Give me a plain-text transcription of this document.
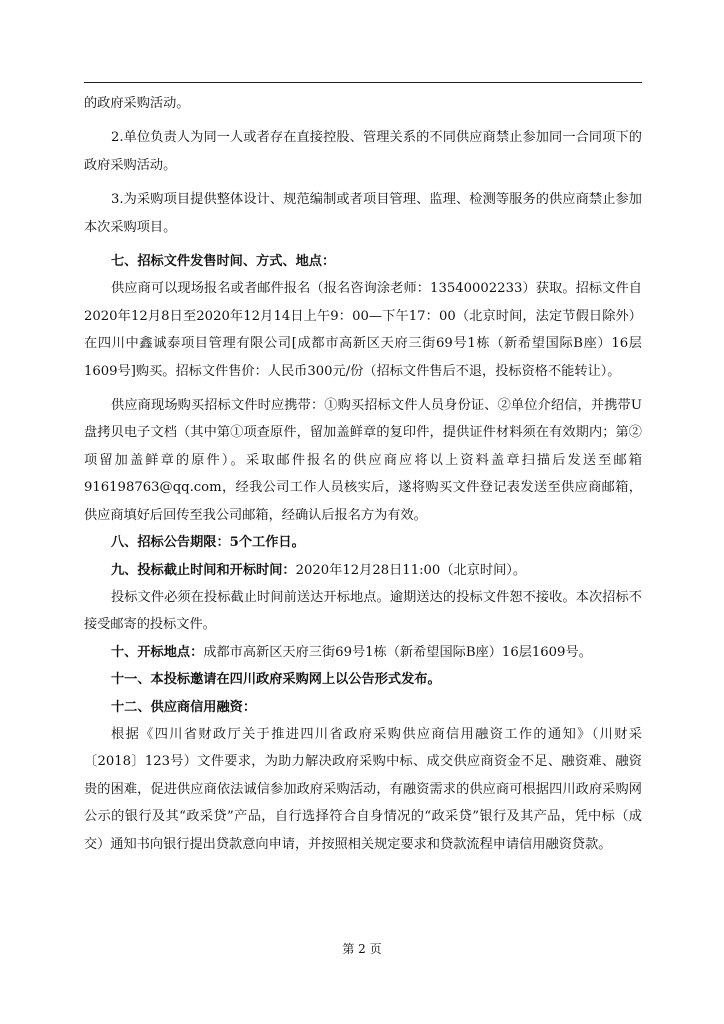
的政府采购活动。

2.单位负责人为同一人或者存在直接控股、管理关系的不同供应商禁止参加同一合同项下的政府采购活动。

3.为采购项目提供整体设计、规范编制或者项目管理、监理、检测等服务的供应商禁止参加本次采购项目。

七、招标文件发售时间、方式、地点：

供应商可以现场报名或者邮件报名（报名咨询涂老师：13540002233）获取。招标文件自2020年12月8日至2020年12月14日上午9：00—下午17：00（北京时间，法定节假日除外）在四川中鑫诚泰项目管理有限公司[成都市高新区天府三街69号1栋（新希望国际B座）16层1609号]购买。招标文件售价：人民币300元/份（招标文件售后不退，投标资格不能转让）。

供应商现场购买招标文件时应携带：①购买招标文件人员身份证、②单位介绍信，并携带U盘拷贝电子文档（其中第①项查原件，留加盖鲜章的复印件，提供证件材料须在有效期内；第②项留加盖鲜章的原件）。采取邮件报名的供应商应将以上资料盖章扫描后发送至邮箱916198763@qq.com，经我公司工作人员核实后，遂将购买文件登记表发送至供应商邮箱，供应商填好后回传至我公司邮箱，经确认后报名方为有效。

八、招标公告期限：5个工作日。

九、投标截止时间和开标时间：2020年12月28日11:00（北京时间）。

投标文件必须在投标截止时间前送达开标地点。逾期送达的投标文件恕不接收。本次招标不接受邮寄的投标文件。

十、开标地点：成都市高新区天府三街69号1栋（新希望国际B座）16层1609号。

十一、本投标邀请在四川政府采购网上以公告形式发布。

十二、供应商信用融资：

根据《四川省财政厅关于推进四川省政府采购供应商信用融资工作的通知》（川财采〔2018〕123号）文件要求，为助力解决政府采购中标、成交供应商资金不足、融资难、融资贵的困难，促进供应商依法诚信参加政府采购活动，有融资需求的供应商可根据四川政府采购网公示的银行及其“政采贷”产品，自行选择符合自身情况的“政采贷”银行及其产品，凭中标（成交）通知书向银行提出贷款意向申请，并按照相关规定要求和贷款流程申请信用融资贷款。

第 2 页
